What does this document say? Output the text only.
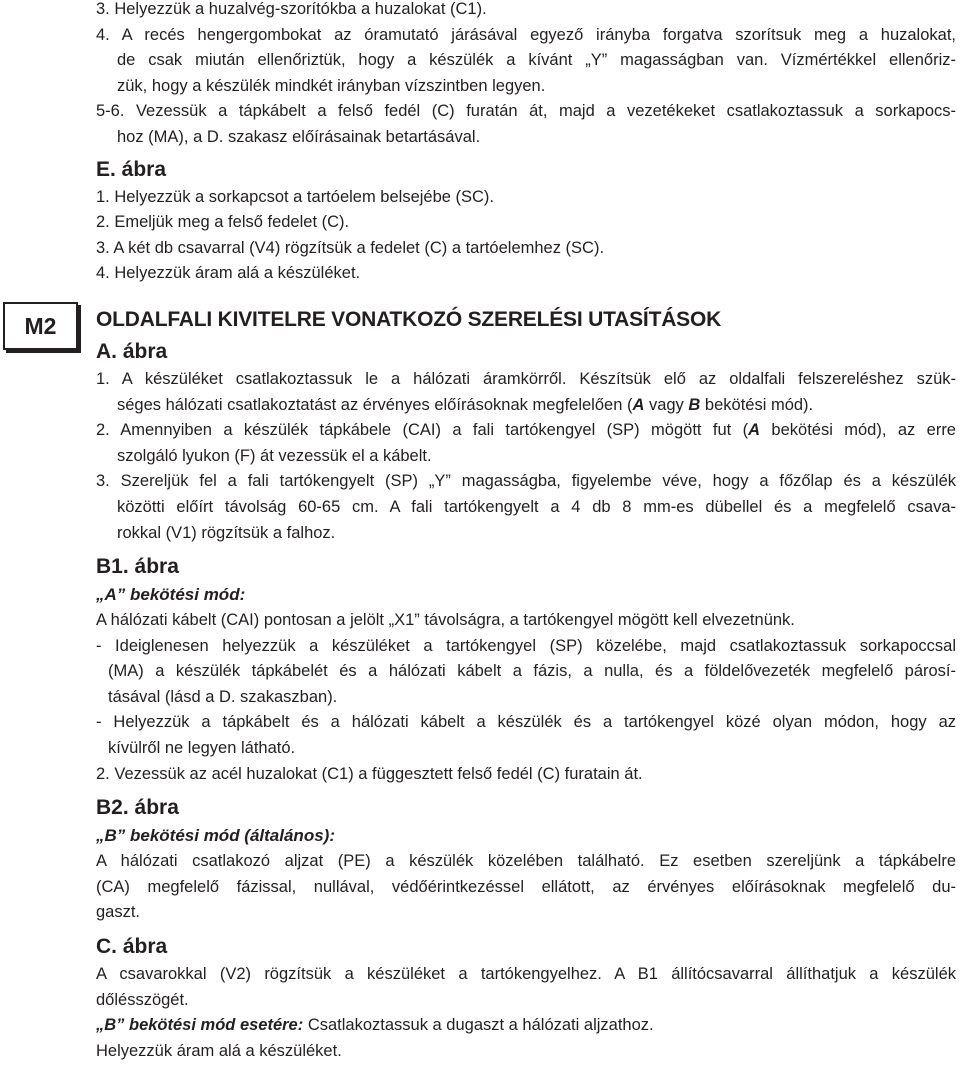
M2
3. Helyezzük a huzalvég-szorítókba a huzalokat (C1).
4. A recés hengergombokat az óramutató járásával egyező irányba forgatva szorítsuk meg a huzalokat,
de csak miután ellenőriztük, hogy a készülék a kívánt „Y” magasságban van. Vízmértékkel ellenőriz-
zük, hogy a készülék mindkét irányban vízszintben legyen.
5-6. Vezessük a tápkábelt a felső fedél (C) furatán át, majd a vezetékeket csatlakoztassuk a sorkapocs-
hoz (MA), a D. szakasz előírásainak betartásával.
E. ábra
1. Helyezzük a sorkapcsot a tartóelem belsejébe (SC).
2. Emeljük meg a felső fedelet (C).
3. A két db csavarral (V4) rögzítsük a fedelet (C) a tartóelemhez (SC).
4. Helyezzük áram alá a készüléket.
OLDALFALI KIVITELRE VONATKOZÓ SZERELÉSI UTASÍTÁSOK
A. ábra
1. A készüléket csatlakoztassuk le a hálózati áramkörről. Készítsük elő az oldalfali felszereléshez szük-
séges hálózati csatlakoztatást az érvényes előírásoknak megfelelően (A vagy B bekötési mód).
2. Amennyiben a készülék tápkábele (CAI) a fali tartókengyel (SP) mögött fut (A bekötési mód), az erre
szolgáló lyukon (F) át vezessük el a kábelt.
3. Szereljük fel a fali tartókengyelt (SP) „Y” magasságba, figyelembe véve, hogy a főzőlap és a készülék
közötti előírt távolság 60-65 cm. A fali tartókengyelt a 4 db 8 mm-es dübellel és a megfelelő csava-
rokkal (V1) rögzítsük a falhoz.
B1. ábra
„A” bekötési mód:
A hálózati kábelt (CAI) pontosan a jelölt „X1” távolságra, a tartókengyel mögött kell elvezetnünk.
- Ideiglenesen helyezzük a készüléket a tartókengyel (SP) közelébe, majd csatlakoztassuk sorkapoccsal
(MA) a készülék tápkábelét és a hálózati kábelt a fázis, a nulla, és a földelővezeték megfelelő párosí-
tásával (lásd a D. szakaszban).
- Helyezzük a tápkábelt és a hálózati kábelt a készülék és a tartókengyel közé olyan módon, hogy az
kívülről ne legyen látható.
2. Vezessük az acél huzalokat (C1) a függesztett felső fedél (C) furatain át.
B2. ábra
„B” bekötési mód (általános):
A hálózati csatlakozó aljzat (PE) a készülék közelében található. Ez esetben szereljünk a tápkábelre
(CA) megfelelő fázissal, nullával, védőérintkezéssel ellátott, az érvényes előírásoknak megfelelő du-
gaszt.
C. ábra
A csavarokkal (V2) rögzítsük a készüléket a tartókengyelhez. A B1 állítócsavarral állíthatjuk a készülék
dőlésszögét.
„B” bekötési mód esetére: Csatlakoztassuk a dugaszt a hálózati aljzathoz.
Helyezzük áram alá a készüléket.
